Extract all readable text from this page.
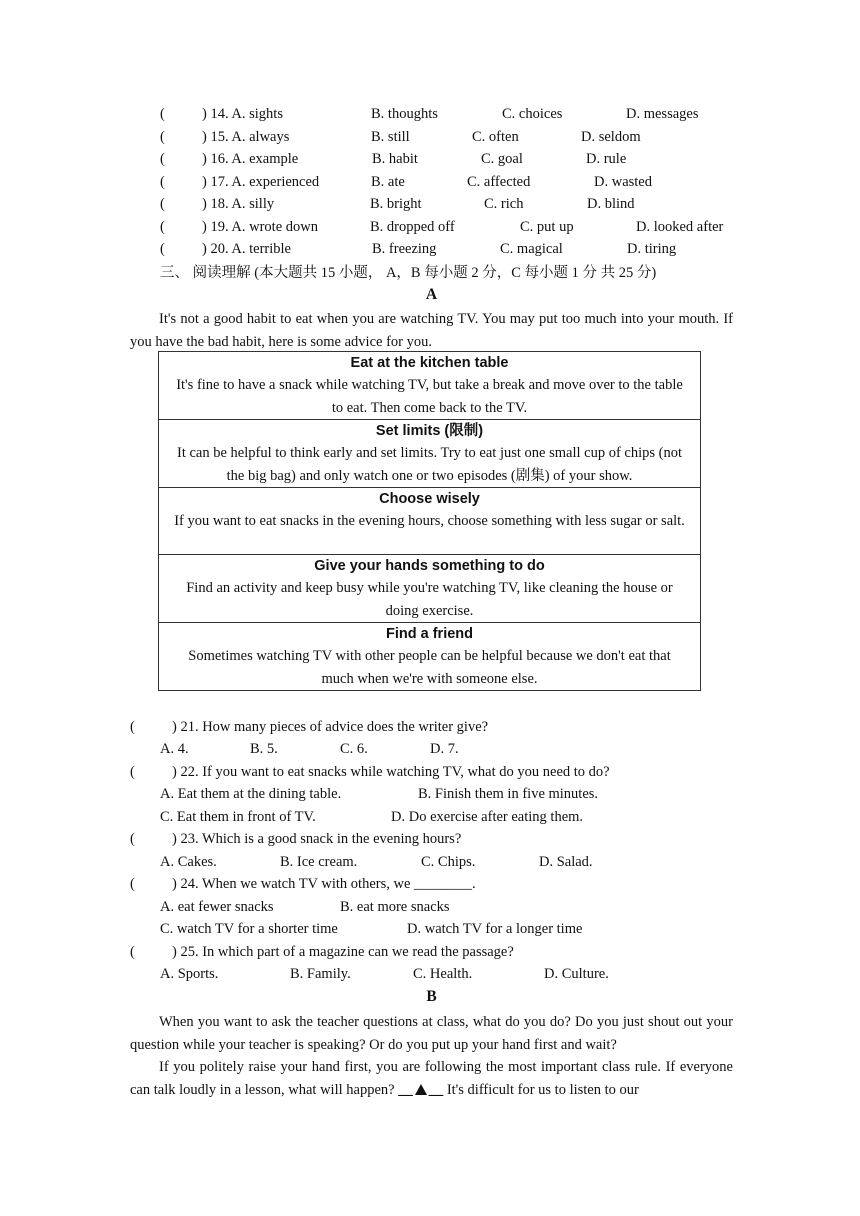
(	) 14. A. sights	B. thoughts	C. choices	D. messages
(	) 15. A. always	B. still	C. often	D. seldom
(	) 16. A. example	B. habit	C. goal	D. rule
(	) 17. A. experienced	B. ate	C. affected	D. wasted
(	) 18. A. silly	B. bright	C. rich	D. blind
(	) 19. A. wrote down	B. dropped off	C. put up	D. looked after
(	) 20. A. terrible	B. freezing	C. magical	D. tiring
三、 阅读理解 (本大题共 15 小题， A，B 每小题 2 分，C 每小题 1 分 共 25 分)
A
It's not a good habit to eat when you are watching TV. You may put too much into your mouth. If you have the bad habit, here is some advice for you.
Eat at the kitchen table
It's fine to have a snack while watching TV, but take a break and move over to the table to eat. Then come back to the TV.

Set limits (限制)
It can be helpful to think early and set limits. Try to eat just one small cup of chips (not the big bag) and only watch one or two episodes (剧集) of your show.

Choose wisely
If you want to eat snacks in the evening hours, choose something with less sugar or salt.

Give your hands something to do
Find an activity and keep busy while you're watching TV, like cleaning the house or doing exercise.

Find a friend
Sometimes watching TV with other people can be helpful because we don't eat that much when we're with someone else.
(	) 21. How many pieces of advice does the writer give?
A. 4.	B. 5.	C. 6.	D. 7.
(	) 22. If you want to eat snacks while watching TV, what do you need to do?
A. Eat them at the dining table.	B. Finish them in five minutes.
C. Eat them in front of TV.	D. Do exercise after eating them.
(	) 23. Which is a good snack in the evening hours?
A. Cakes.	B. Ice cream.	C. Chips.	D. Salad.
(	) 24. When we watch TV with others, we ________.
A. eat fewer snacks	B. eat more snacks
C. watch TV for a shorter time	D. watch TV for a longer time
(	) 25. In which part of a magazine can we read the passage?
A. Sports.	B. Family.	C. Health.	D. Culture.
B
When you want to ask the teacher questions at class, what do you do? Do you just shout out your question while your teacher is speaking? Or do you put up your hand first and wait?
If you politely raise your hand first, you are following the most important class rule. If everyone can talk loudly in a lesson, what will happen? __ __ It's difficult for us to listen to our
